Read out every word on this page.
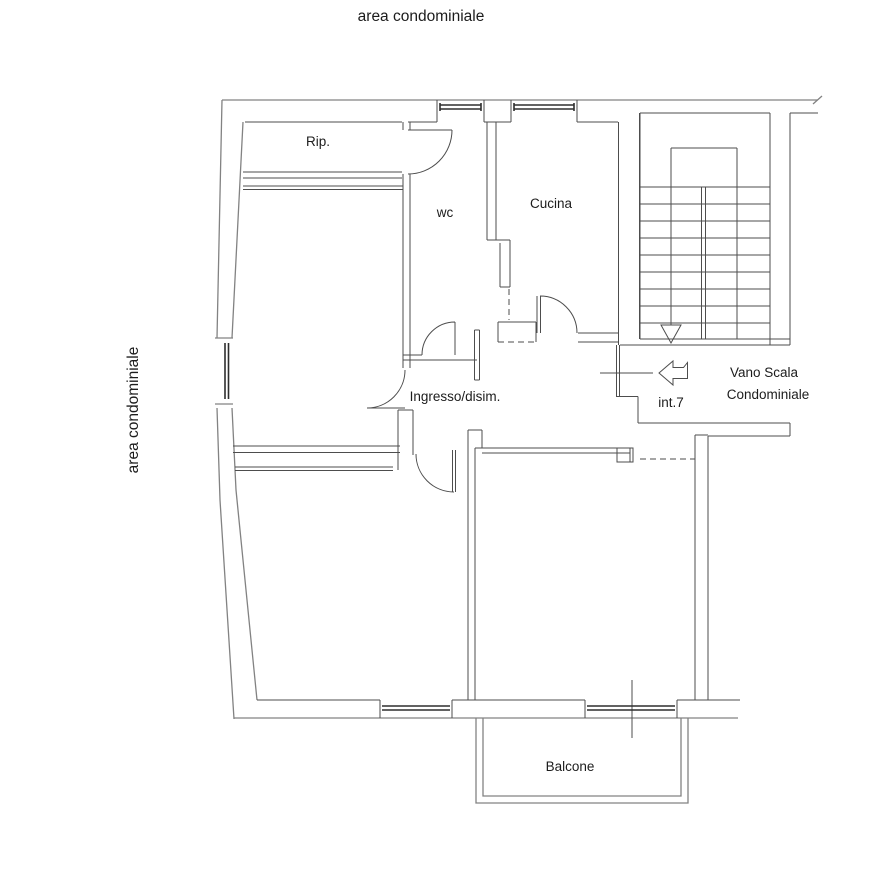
area condominiale
area condominiale
Rip.
wc
Cucina
Ingresso/disim.	int.7
Vano Scala
Condominiale
Balcone
